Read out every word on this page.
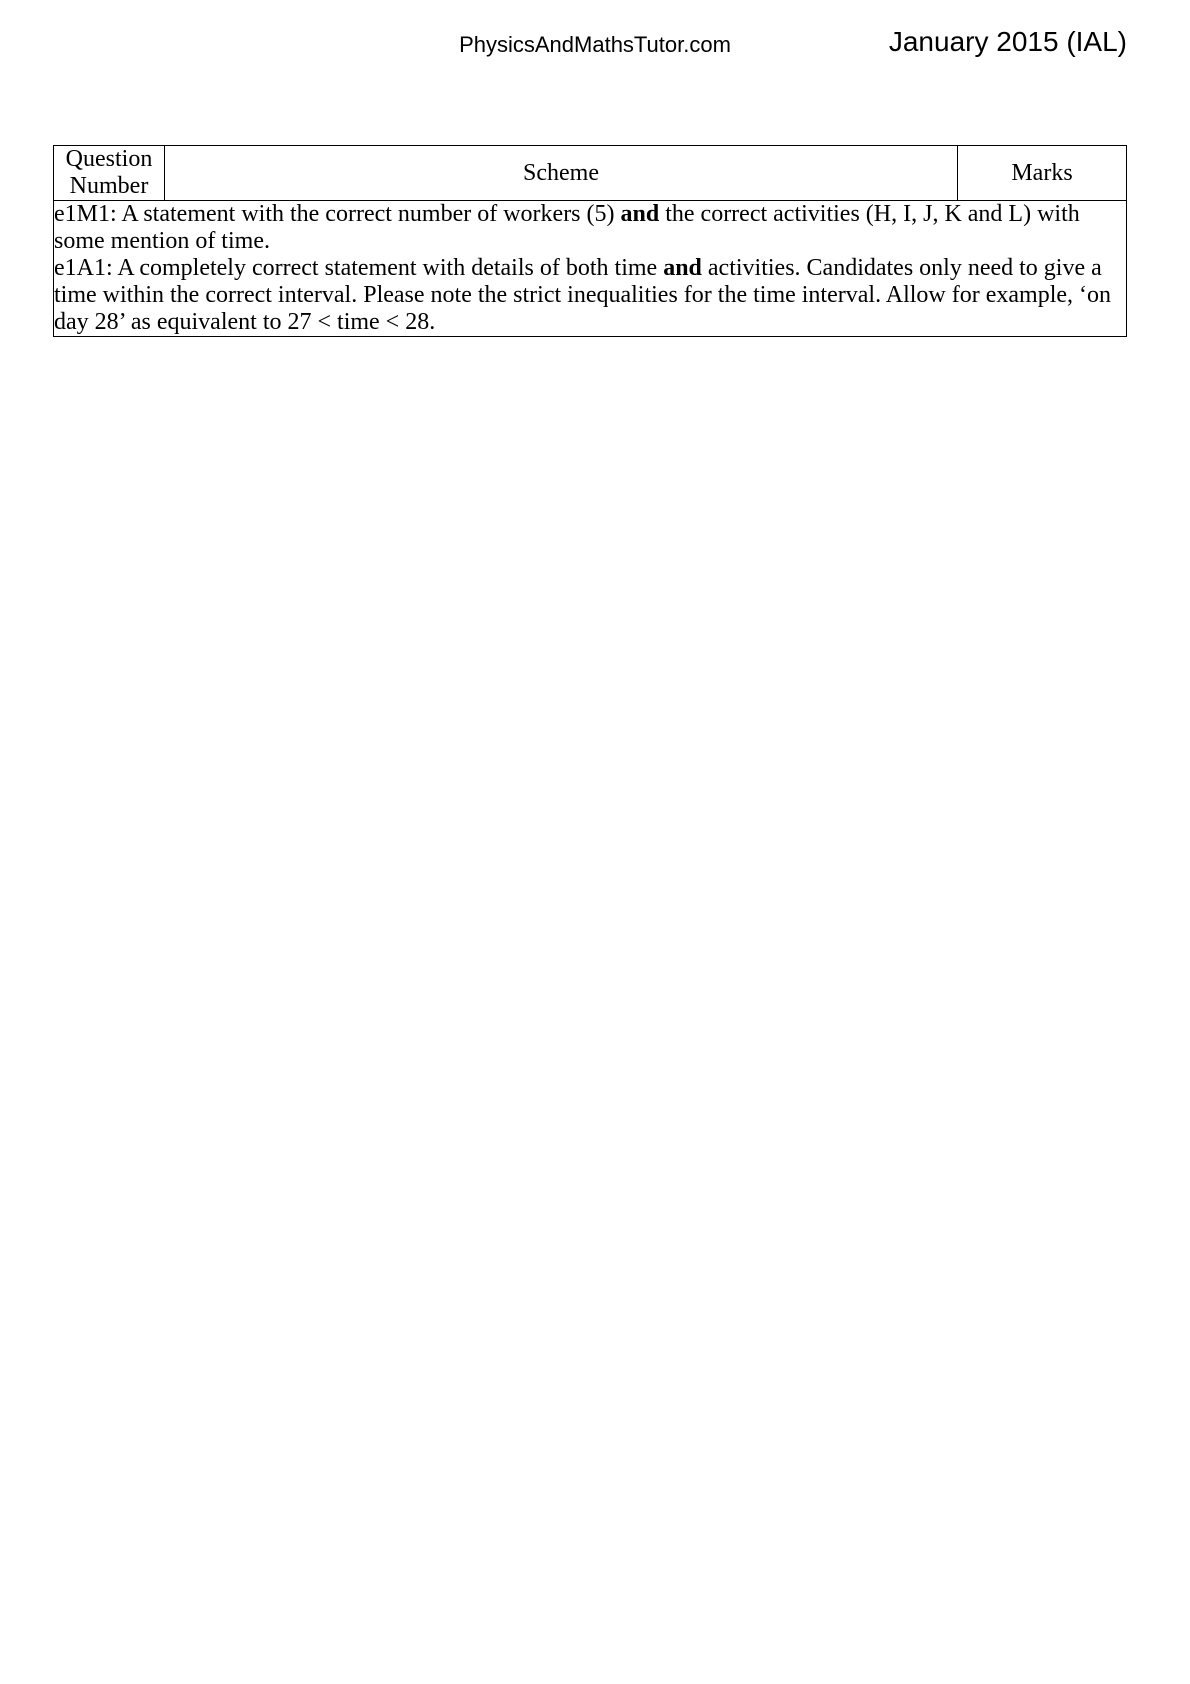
PhysicsAndMathsTutor.com	January 2015 (IAL)
Question
Number	Scheme	Marks

e1M1: A statement with the correct number of workers (5) and the correct activities (H, I, J, K and L) with some mention of time.

e1A1: A completely correct statement with details of both time and activities. Candidates only need to give a time within the correct interval. Please note the strict inequalities for the time interval. Allow for example, ‘on day 28’ as equivalent to 27 < time < 28.
